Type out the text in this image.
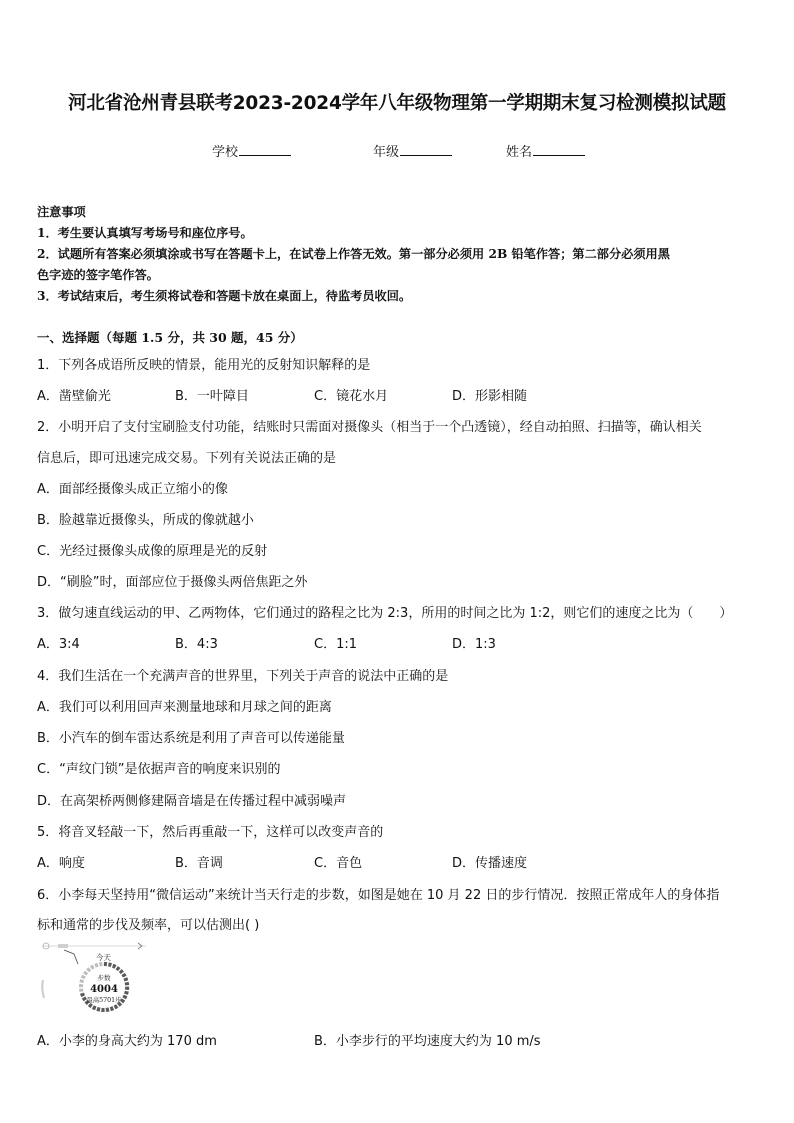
河北省沧州青县联考2023-2024学年八年级物理第一学期期末复习检测模拟试题
学校	年级	姓名
注意事项
1．考生要认真填写考场号和座位序号。
2．试题所有答案必须填涂或书写在答题卡上，在试卷上作答无效。第一部分必须用 2B 铅笔作答；第二部分必须用黑
色字迹的签字笔作答。
3．考试结束后，考生须将试卷和答题卡放在桌面上，待监考员收回。
一、选择题（每题 1.5 分，共 30 题，45 分）
1．下列各成语所反映的情景，能用光的反射知识解释的是
A．凿壁偷光	B．一叶障目	C．镜花水月	D．形影相随
2．小明开启了支付宝刷脸支付功能，结账时只需面对摄像头（相当于一个凸透镜），经自动拍照、扫描等，确认相关
信息后，即可迅速完成交易。下列有关说法正确的是
A．面部经摄像头成正立缩小的像
B．脸越靠近摄像头，所成的像就越小
C．光经过摄像头成像的原理是光的反射
D．“刷脸”时，面部应位于摄像头两倍焦距之外
3．做匀速直线运动的甲、乙两物体，它们通过的路程之比为 2:3，所用的时间之比为 1:2，则它们的速度之比为（　　）
A．3:4	B．4:3	C．1:1	D．1:3
4．我们生活在一个充满声音的世界里，下列关于声音的说法中正确的是
A．我们可以利用回声来测量地球和月球之间的距离
B．小汽车的倒车雷达系统是利用了声音可以传递能量
C．“声纹门锁”是依据声音的响度来识别的
D．在高架桥两侧修建隔音墙是在传播过程中减弱噪声
5．将音叉轻敲一下，然后再重敲一下，这样可以改变声音的
A．响度	B．音调	C．音色	D．传播速度
6．小李每天坚持用“微信运动”来统计当天行走的步数，如图是她在 10 月 22 日的步行情况．按照正常成年人的身体指
标和通常的步伐及频率，可以估测出( )
今天
步数
4004
最高5701步
A．小李的身高大约为 170 dm	B．小李步行的平均速度大约为 10 m/s
